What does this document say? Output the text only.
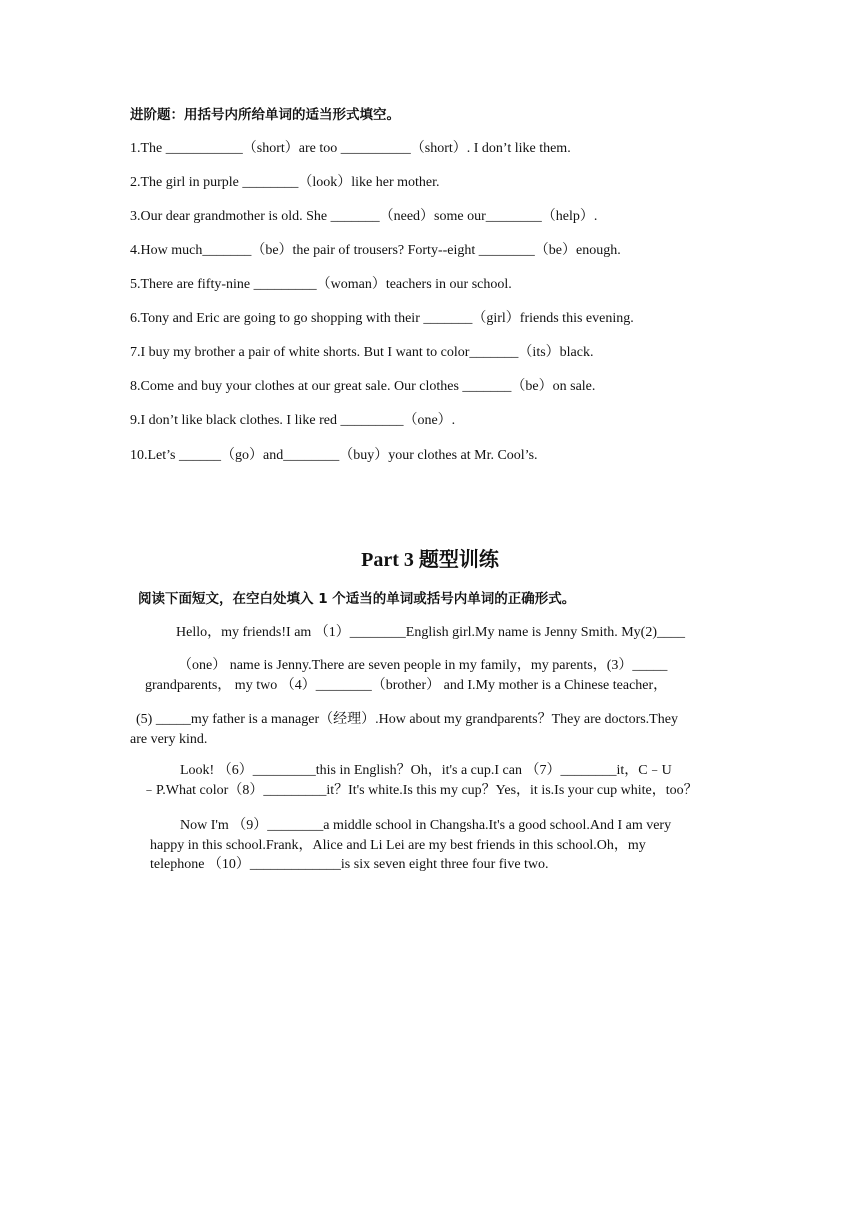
进阶题：用括号内所给单词的适当形式填空。
1.The ___________（short）are too __________（short）. I don’t like them.
2.The girl in purple ________（look）like her mother.
3.Our dear grandmother is old. She _______（need）some our________（help）.
4.How much_______（be）the pair of trousers? Forty--eight ________（be）enough.
5.There are fifty-nine _________（woman）teachers in our school.
6.Tony and Eric are going to go shopping with their _______（girl）friends this evening.
7.I buy my brother a pair of white shorts. But I want to color_______（its）black.
8.Come and buy your clothes at our great sale. Our clothes _______（be）on sale.
9.I don’t like black clothes. I like red _________（one）.
10.Let’s ______（go）and________（buy）your clothes at Mr. Cool’s.
Part 3 题型训练
阅读下面短文，在空白处填入 1 个适当的单词或括号内单词的正确形式。
Hello，my friends!I am （1）________English girl.My name is Jenny Smith. My(2)____
（one） name is Jenny.There are seven people in my family，my parents，(3）_____
grandparents， my two （4）________（brother） and I.My mother is a Chinese teacher，
(5) _____my father is a manager（经理）.How about my grandparents？They are doctors.They
are very kind.
Look! （6）_________this in English？Oh，it's a cup.I can （7）________it，C﹣U
﹣P.What color（8）_________it？It's white.Is this my cup？Yes，it is.Is your cup white，too？
Now I'm （9）________a middle school in Changsha.It's a good school.And I am very
happy in this school.Frank，Alice and Li Lei are my best friends in this school.Oh，my
telephone （10）_____________is six seven eight three four five two.
